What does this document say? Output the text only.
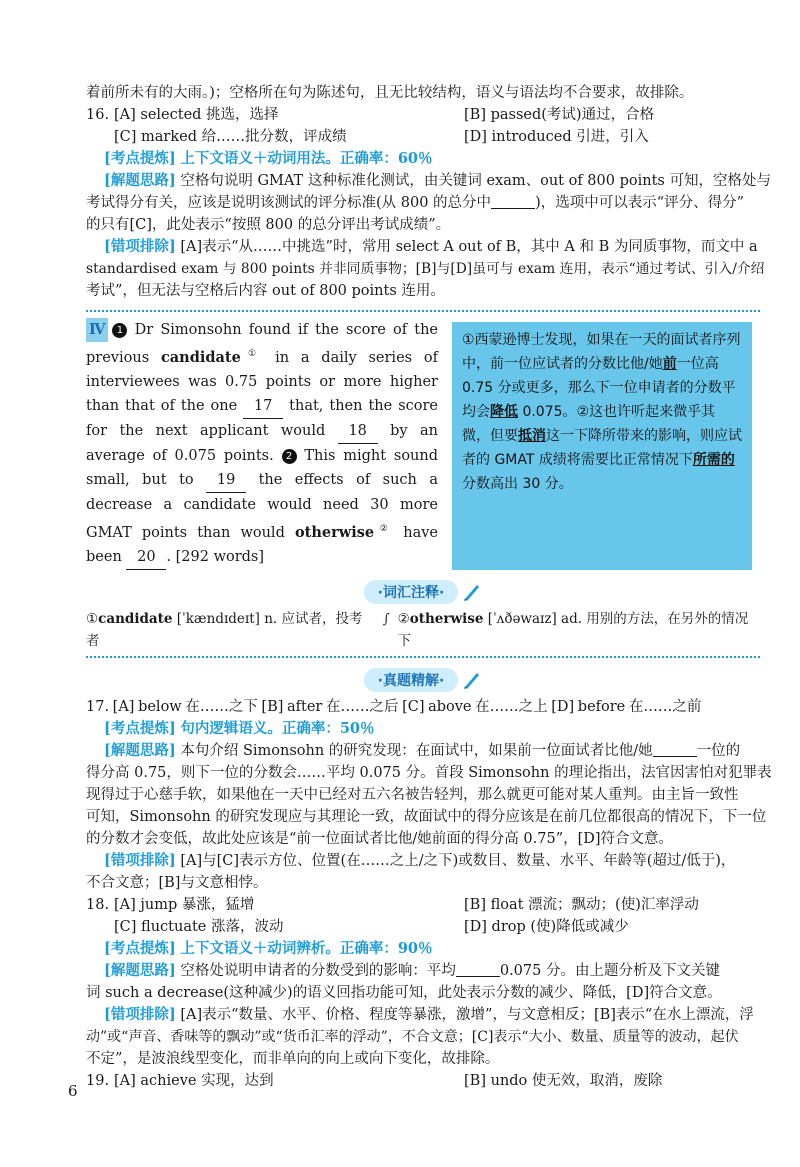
着前所未有的大雨。)；空格所在句为陈述句，且无比较结构，语义与语法均不合要求，故排除。
16. [A] selected 挑选，选择	[B] passed(考试)通过，合格
[C] marked 给……批分数，评成绩	[D] introduced 引进，引入
[考点提炼] 上下文语义＋动词用法。正确率：60％
[解题思路] 空格句说明 GMAT 这种标准化测试，由关键词 exam、out of 800 points 可知，空格处与
考试得分有关，应该是说明该测试的评分标准(从 800 的总分中	)，选项中可以表示“评分、得分”
的只有[C]，此处表示“按照 800 的总分评出考试成绩”。
[错项排除] [A]表示“从……中挑选”时，常用 select A out of B，其中 A 和 B 为同质事物，而文中 a
standardised exam 与 800 points 并非同质事物；[B]与[D]虽可与 exam 连用，表示“通过考试、引入/介绍
考试”，但无法与空格后内容 out of 800 points 连用。
Ⅳ 1 Dr Simonsohn found if the score of the previous candidate① in a daily series of interviewees was 0.75 points or more higher than that of the one 17 that, then the score for the next applicant would 18 by an average of 0.075 points. 2 This might sound small, but to 19 the effects of such a decrease a candidate would need 30 more GMAT points than would otherwise② have been 20 . [292 words]
①西蒙逊博士发现，如果在一天的面试者序列中，前一位应试者的分数比他/她前一位高 0.75 分或更多，那么下一位申请者的分数平均会降低 0.075。②这也许听起来微乎其微，但要抵消这一下降所带来的影响，则应试者的 GMAT 成绩将需要比正常情况下所需的分数高出 30 分。
·词汇注释·
①candidate [ˈkændɪdeɪt] n. 应试者，投考者
∫ ②otherwise [ˈʌðəwaɪz] ad. 用别的方法，在另外的情况下
·真题精解·
17. [A] below 在……之下 [B] after 在……之后 [C] above 在……之上 [D] before 在……之前
[考点提炼] 句内逻辑语义。正确率：50％
[解题思路] 本句介绍 Simonsohn 的研究发现：在面试中，如果前一位面试者比他/她	一位的
得分高 0.75，则下一位的分数会……平均 0.075 分。首段 Simonsohn 的理论指出，法官因害怕对犯罪表
现得过于心慈手软，如果他在一天中已经对五六名被告轻判，那么就更可能对某人重判。由主旨一致性
可知，Simonsohn 的研究发现应与其理论一致，故面试中的得分应该是在前几位都很高的情况下，下一位
的分数才会变低，故此处应该是“前一位面试者比他/她前面的得分高 0.75”，[D]符合文意。
[错项排除] [A]与[C]表示方位、位置(在……之上/之下)或数目、数量、水平、年龄等(超过/低于)，
不合文意；[B]与文意相悖。
18. [A] jump 暴涨，猛增	[B] float 漂流；飘动；(使)汇率浮动
[C] fluctuate 涨落，波动	[D] drop (使)降低或减少
[考点提炼] 上下文语义＋动词辨析。正确率：90％
[解题思路] 空格处说明申请者的分数受到的影响：平均	0.075 分。由上题分析及下文关键
词 such a decrease(这种减少)的语义回指功能可知，此处表示分数的减少、降低，[D]符合文意。
[错项排除] [A]表示“数量、水平、价格、程度等暴涨，激增”，与文意相反；[B]表示“在水上漂流，浮
动”或“声音、香味等的飘动”或“货币汇率的浮动”，不合文意；[C]表示“大小、数量、质量等的波动，起伏
不定”，是波浪线型变化，而非单向的向上或向下变化，故排除。
19. [A] achieve 实现，达到	[B] undo 使无效，取消，废除
6
